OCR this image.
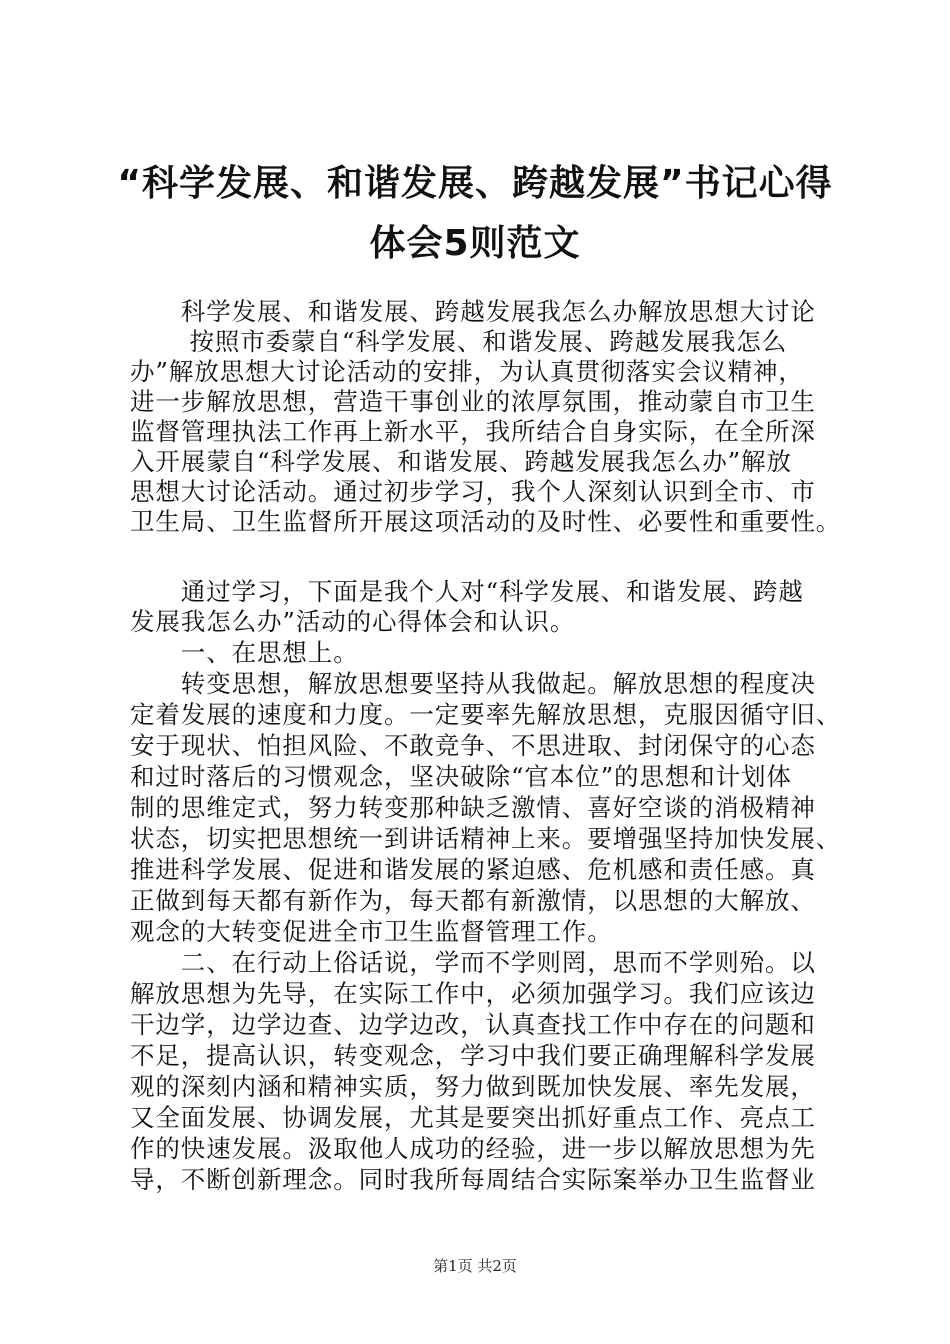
“科学发展、和谐发展、跨越发展”书记心得
体会5则范文

　　科学发展、和谐发展、跨越发展我怎么办解放思想大讨论

　　 按照市委蒙自“科学发展、和谐发展、跨越发展我怎么

办”解放思想大讨论活动的安排，为认真贯彻落实会议精神，

进一步解放思想，营造干事创业的浓厚氛围，推动蒙自市卫生

监督管理执法工作再上新水平，我所结合自身实际，在全所深

入开展蒙自“科学发展、和谐发展、跨越发展我怎么办”解放

思想大讨论活动。通过初步学习，我个人深刻认识到全市、市

卫生局、卫生监督所开展这项活动的及时性、必要性和重要性。

　　通过学习，下面是我个人对“科学发展、和谐发展、跨越

发展我怎么办”活动的心得体会和认识。

　　一、在思想上。

　　转变思想，解放思想要坚持从我做起。解放思想的程度决

定着发展的速度和力度。一定要率先解放思想，克服因循守旧、

安于现状、怕担风险、不敢竞争、不思进取、封闭保守的心态

和过时落后的习惯观念，坚决破除“官本位”的思想和计划体

制的思维定式，努力转变那种缺乏激情、喜好空谈的消极精神

状态，切实把思想统一到讲话精神上来。要增强坚持加快发展、

推进科学发展、促进和谐发展的紧迫感、危机感和责任感。真

正做到每天都有新作为，每天都有新激情，以思想的大解放、

观念的大转变促进全市卫生监督管理工作。

　　二、在行动上俗话说，学而不学则罔，思而不学则殆。以

解放思想为先导，在实际工作中，必须加强学习。我们应该边

干边学，边学边查、边学边改，认真查找工作中存在的问题和

不足，提高认识，转变观念，学习中我们要正确理解科学发展

观的深刻内涵和精神实质，努力做到既加快发展、率先发展，

又全面发展、协调发展，尤其是要突出抓好重点工作、亮点工

作的快速发展。汲取他人成功的经验，进一步以解放思想为先

导，不断创新理念。同时我所每周结合实际案举办卫生监督业

第1页 共2页
